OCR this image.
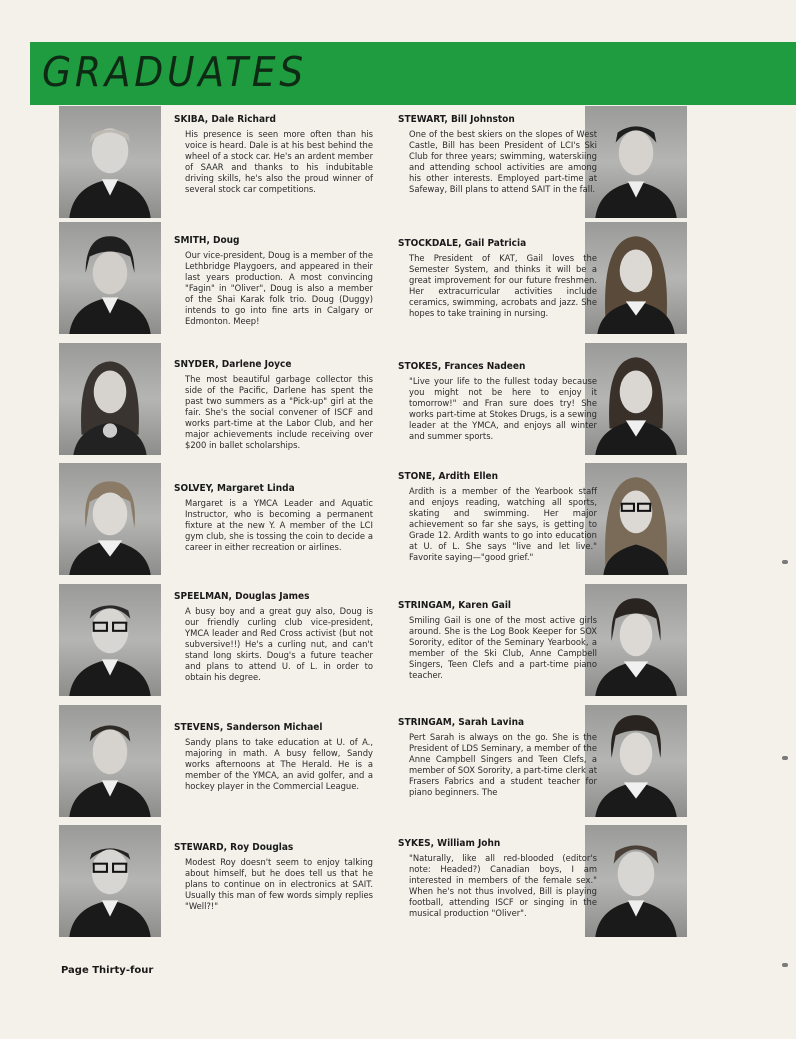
GRADUATES
SKIBA, Dale Richard

His presence is seen more often than his voice is heard. Dale is at his best behind the wheel of a stock car. He's an ardent member of SAAR and thanks to his indubitable driving skills, he's also the proud winner of several stock car competitions.

SMITH, Doug

Our vice-president, Doug is a member of the Lethbridge Playgoers, and appeared in their last years production. A most convincing "Fagin" in "Oliver", Doug is also a member of the Shai Karak folk trio. Doug (Duggy) intends to go into fine arts in Calgary or Edmonton. Meep!

SNYDER, Darlene Joyce

The most beautiful garbage collector this side of the Pacific, Darlene has spent the past two summers as a "Pick-up" girl at the fair. She's the social convener of ISCF and works part-time at the Labor Club, and her major achievements include receiving over $200 in ballet scholarships.

SOLVEY, Margaret Linda

Margaret is a YMCA Leader and Aquatic Instructor, who is becoming a permanent fixture at the new Y. A member of the LCI gym club, she is tossing the coin to decide a career in either recreation or airlines.

SPEELMAN, Douglas James

A busy boy and a great guy also, Doug is our friendly curling club vice-president, YMCA leader and Red Cross activist (but not subversive!!) He's a curling nut, and can't stand long skirts. Doug's a future teacher and plans to attend U. of L. in order to obtain his degree.

STEVENS, Sanderson Michael

Sandy plans to take education at U. of A., majoring in math. A busy fellow, Sandy works afternoons at The Herald. He is a member of the YMCA, an avid golfer, and a hockey player in the Commercial League.

STEWARD, Roy Douglas

Modest Roy doesn't seem to enjoy talking about himself, but he does tell us that he plans to continue on in electronics at SAIT. Usually this man of few words simply replies "Well?!"

STEWART, Bill Johnston

One of the best skiers on the slopes of West Castle, Bill has been President of LCI's Ski Club for three years; swimming, waterskiing and attending school activities are among his other interests. Employed part-time at Safeway, Bill plans to attend SAIT in the fall.

STOCKDALE, Gail Patricia

The President of KAT, Gail loves the Semester System, and thinks it will be a great improvement for our future freshmen. Her extracurricular activities include ceramics, swimming, acrobats and jazz. She hopes to take training in nursing.

STOKES, Frances Nadeen

"Live your life to the fullest today because you might not be here to enjoy it tomorrow!" and Fran sure does try! She works part-time at Stokes Drugs, is a sewing leader at the YMCA, and enjoys all winter and summer sports.

STONE, Ardith Ellen

Ardith is a member of the Yearbook staff and enjoys reading, watching all sports, skating and swimming. Her major achievement so far she says, is getting to Grade 12. Ardith wants to go into education at U. of L. She says "live and let live." Favorite saying—"good grief."

STRINGAM, Karen Gail

Smiling Gail is one of the most active girls around. She is the Log Book Keeper for SOX Sorority, editor of the Seminary Yearbook, a member of the Ski Club, Anne Campbell Singers, Teen Clefs and a part-time piano teacher.

STRINGAM, Sarah Lavina

Pert Sarah is always on the go. She is the President of LDS Seminary, a member of the Anne Campbell Singers and Teen Clefs, a member of SOX Sorority, a part-time clerk at Frasers Fabrics and a student teacher for piano beginners. The

SYKES, William John

"Naturally, like all red-blooded (editor's note: Headed?) Canadian boys, I am interested in members of the female sex." When he's not thus involved, Bill is playing football, attending ISCF or singing in the musical production "Oliver".

Page Thirty-four
